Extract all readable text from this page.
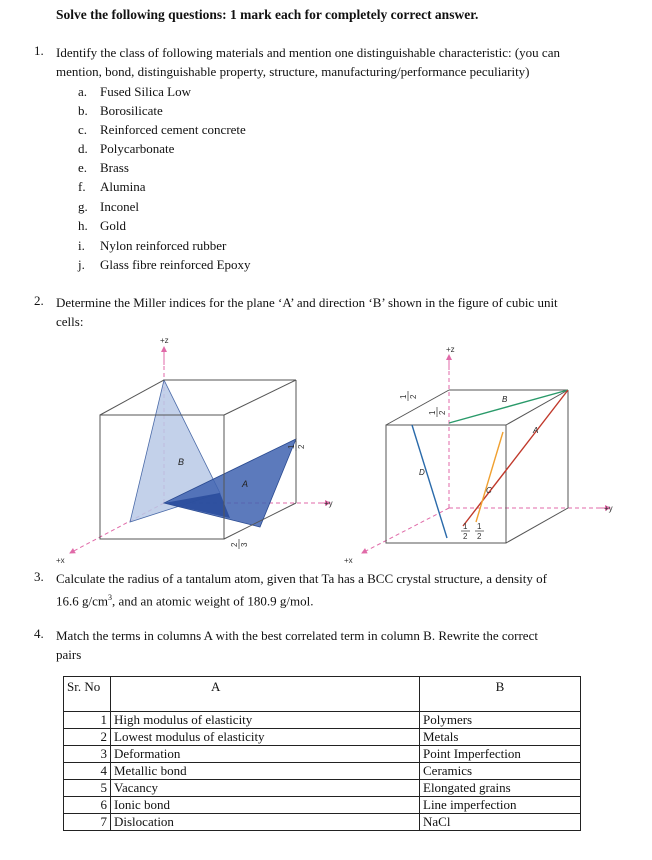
Solve the following questions: 1 mark each for completely correct answer.
1. Identify the class of following materials and mention one distinguishable characteristic: (you can
mention, bond, distinguishable property, structure, manufacturing/performance peculiarity)
a. Fused Silica Low
b. Borosilicate
c. Reinforced cement concrete
d. Polycarbonate
e. Brass
f. Alumina
g. Inconel
h. Gold
i. Nylon reinforced rubber
j. Glass fibre reinforced Epoxy
2. Determine the Miller indices for the plane ‘A’ and direction ‘B’ shown in the figure of cubic unit
cells:
+z
+y
+x
B
A
1 2
2 3
+z
+y
+x
B
A
C
D
1 2
1 2
1
2
1
2
3. Calculate the radius of a tantalum atom, given that Ta has a BCC crystal structure, a density of
16.6 $g/cm^3$, and an atomic weight of 180.9 g/mol.
4. Match the terms in columns A with the best correlated term in column B. Rewrite the correct
pairs
Sr. No	A	B
1	High modulus of elasticity	Polymers
2	Lowest modulus of elasticity	Metals
3	Deformation	Point Imperfection
4	Metallic bond	Ceramics
5	Vacancy	Elongated grains
6	Ionic bond	Line imperfection
7	Dislocation	NaCl
